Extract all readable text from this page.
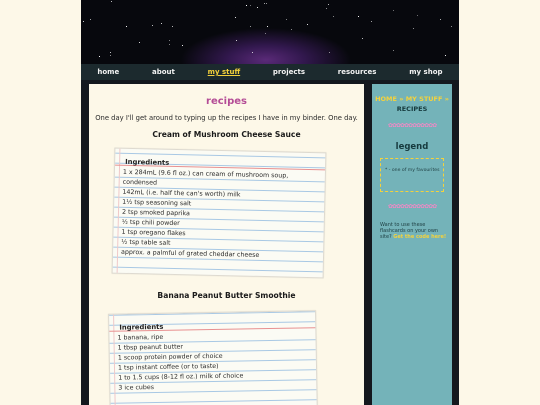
home	about	my stuff	projects	resources	my shop
recipes

One day I'll get around to typing up the recipes I have in my binder. One day.

Cream of Mushroom Cheese Sauce
Ingredients
1 x 284mL (9.6 fl oz.) can cream of mushroom soup,
condensed
142mL (i.e. half the can's worth) milk
1½ tsp seasoning salt
2 tsp smoked paprika
½ tsp chili powder
1 tsp oregano flakes
½ tsp table salt
approx. a palmful of grated cheddar cheese
Banana Peanut Butter Smoothie
Ingredients
1 banana, ripe
1 tbsp peanut butter
1 scoop protein powder of choice
1 tsp instant coffee (or to taste)
1 to 1.5 cups (8-12 fl oz.) milk of choice
3 ice cubes
HOME » MY STUFF »
RECIPES
✿✿✿✿✿✿✿✿✿✿✿✿
legend
* - one of my favourites
✿✿✿✿✿✿✿✿✿✿✿✿
Want to use these flashcards on your own site? Get the code here!
